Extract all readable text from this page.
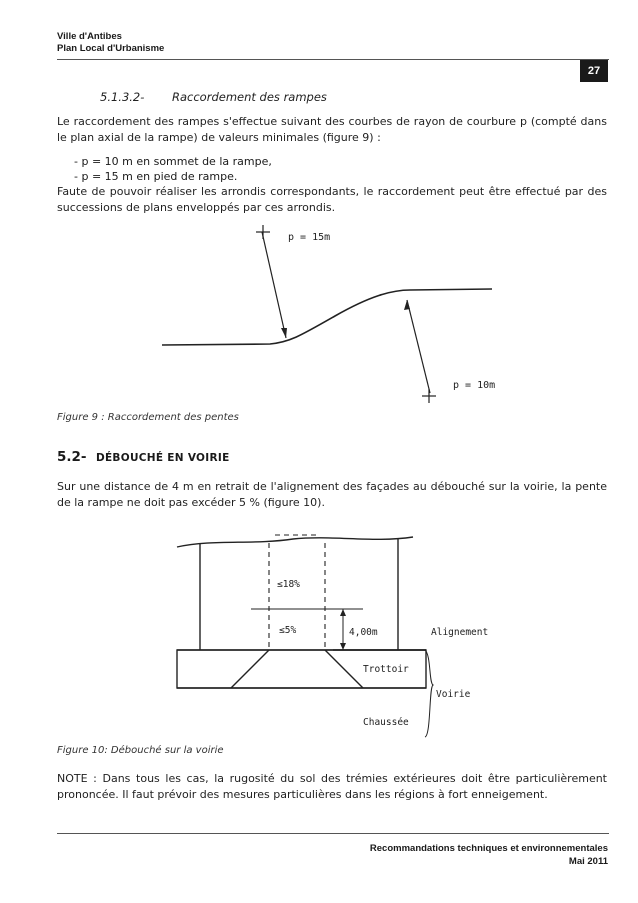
Ville d'Antibes
Plan Local d'Urbanisme
27
5.1.3.2- Raccordement des rampes
Le raccordement des rampes s'effectue suivant des courbes de rayon de courbure p (compté dans le plan axial de la rampe) de valeurs minimales (figure 9) :
- p = 10 m en sommet de la rampe,
- p = 15 m en pied de rampe.
Faute de pouvoir réaliser les arrondis correspondants, le raccordement peut être effectué par des successions de plans enveloppés par ces arrondis.
p = 15m
p = 10m
Figure 9 : Raccordement des pentes
5.2- DÉBOUCHÉ EN VOIRIE
Sur une distance de 4 m en retrait de l'alignement des façades au débouché sur la voirie, la pente de la rampe ne doit pas excéder 5 % (figure 10).
≤18%
≤5%	4,00m	Alignement
Trottoir
Voirie
Chaussée
Figure 10: Débouché sur la voirie
NOTE : Dans tous les cas, la rugosité du sol des trémies extérieures doit être particulièrement prononcée. Il faut prévoir des mesures particulières dans les régions à fort enneigement.
Recommandations techniques et environnementales
Mai 2011
